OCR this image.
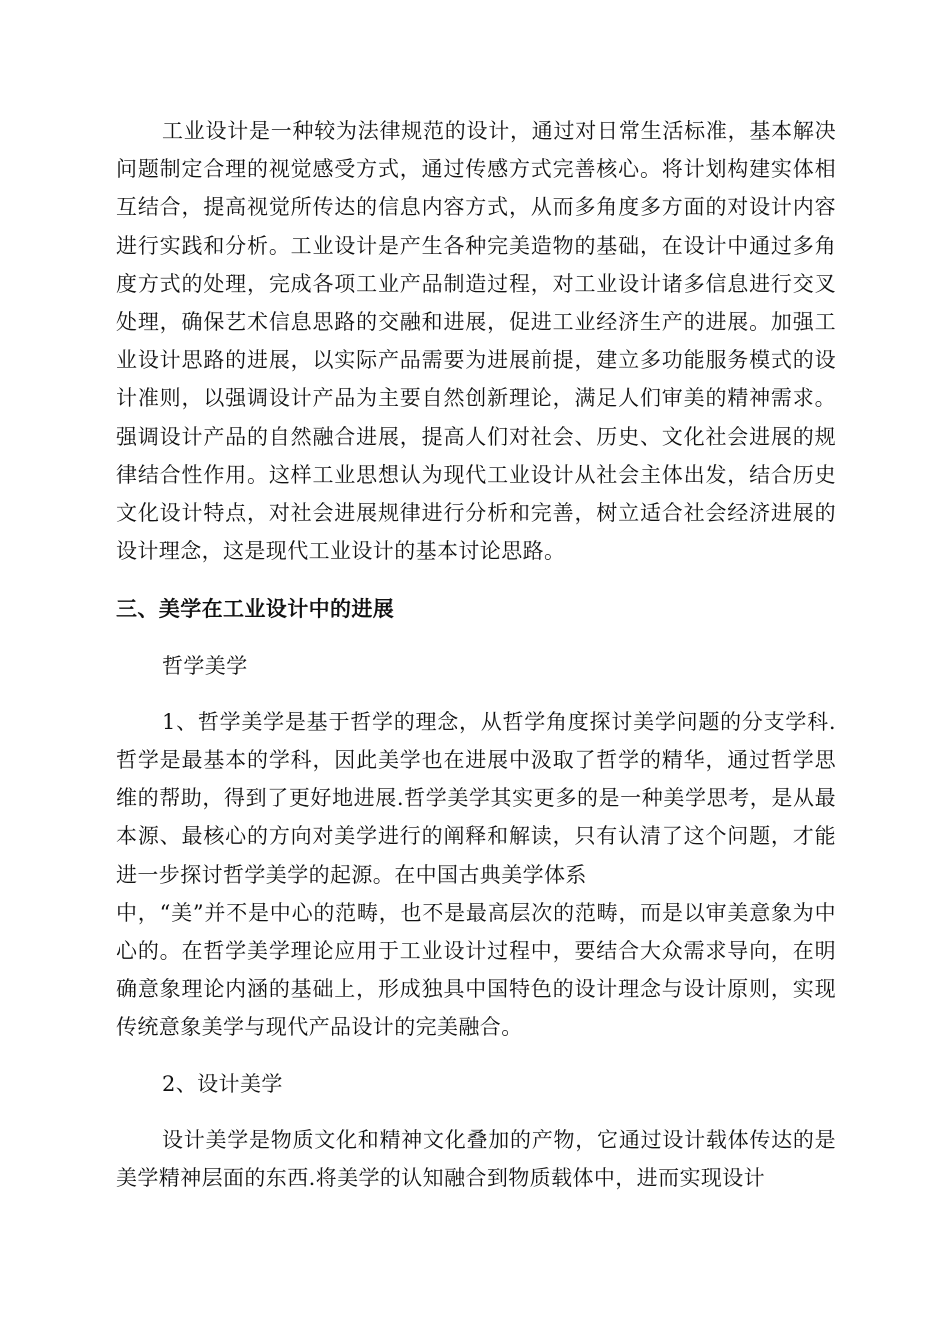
工业设计是一种较为法律规范的设计，通过对日常生活标准，基本解决问题制定合理的视觉感受方式，通过传感方式完善核心。将计划构建实体相互结合，提高视觉所传达的信息内容方式，从而多角度多方面的对设计内容进行实践和分析。工业设计是产生各种完美造物的基础，在设计中通过多角度方式的处理，完成各项工业产品制造过程，对工业设计诸多信息进行交叉处理，确保艺术信息思路的交融和进展，促进工业经济生产的进展。加强工业设计思路的进展，以实际产品需要为进展前提，建立多功能服务模式的设计准则，以强调设计产品为主要自然创新理论，满足人们审美的精神需求。强调设计产品的自然融合进展，提高人们对社会、历史、文化社会进展的规律结合性作用。这样工业思想认为现代工业设计从社会主体出发，结合历史文化设计特点，对社会进展规律进行分析和完善，树立适合社会经济进展的设计理念，这是现代工业设计的基本讨论思路。

三、美学在工业设计中的进展

哲学美学

1、哲学美学是基于哲学的理念，从哲学角度探讨美学问题的分支学科.哲学是最基本的学科，因此美学也在进展中汲取了哲学的精华，通过哲学思维的帮助，得到了更好地进展.哲学美学其实更多的是一种美学思考，是从最本源、最核心的方向对美学进行的阐释和解读，只有认清了这个问题，才能进一步探讨哲学美学的起源。在中国古典美学体系

中，“美”并不是中心的范畴，也不是最高层次的范畴，而是以审美意象为中心的。在哲学美学理论应用于工业设计过程中，要结合大众需求导向，在明确意象理论内涵的基础上，形成独具中国特色的设计理念与设计原则，实现传统意象美学与现代产品设计的完美融合。

2、设计美学

设计美学是物质文化和精神文化叠加的产物，它通过设计载体传达的是美学精神层面的东西.将美学的认知融合到物质载体中，进而实现设计
